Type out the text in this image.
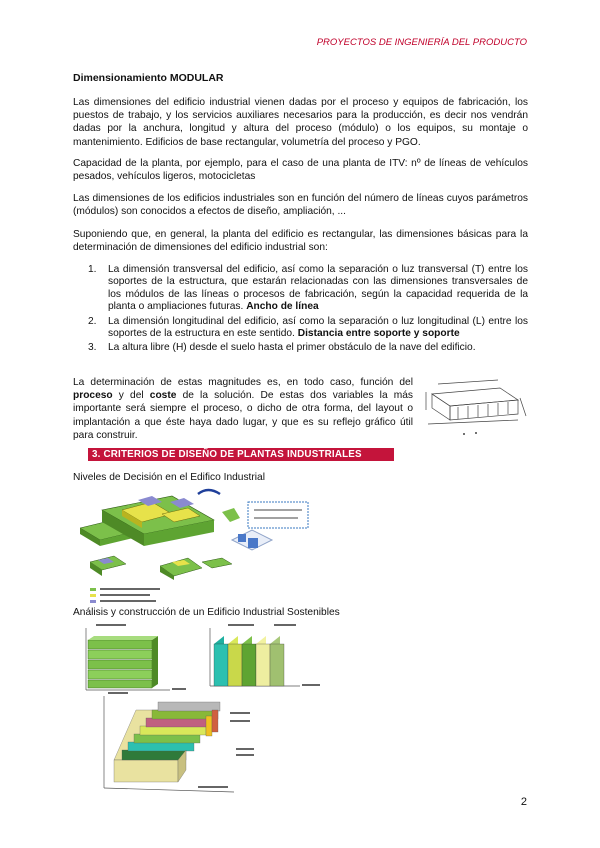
PROYECTOS DE INGENIERÍA DEL PRODUCTO
Dimensionamiento MODULAR

Las dimensiones del edificio industrial vienen dadas por el proceso y equipos de fabricación, los puestos de trabajo, y los servicios auxiliares necesarios para la producción, es decir nos vendrán dadas por la anchura, longitud y altura del proceso (módulo) o los equipos, su montaje o mantenimiento. Edificios de base rectangular, volumetría del proceso y PGO.

Capacidad de la planta, por ejemplo, para el caso de una planta de ITV: nº de líneas de vehículos pesados, vehículos ligeros, motocicletas

Las dimensiones de los edificios industriales son en función del número de líneas cuyos parámetros (módulos) son conocidos a efectos de diseño, ampliación, ...

Suponiendo que, en general, la planta del edificio es rectangular, las dimensiones básicas para la determinación de dimensiones del edificio industrial son:

1. La dimensión transversal del edificio, así como la separación o luz transversal (T) entre los soportes de la estructura, que estarán relacionadas con las dimensiones transversales de los módulos de las líneas o procesos de fabricación, según la capacidad requerida de la planta o ampliaciones futuras. Ancho de línea
2. La dimensión longitudinal del edificio, así como la separación o luz longitudinal (L) entre los soportes de la estructura en este sentido. Distancia entre soporte y soporte
3. La altura libre (H) desde el suelo hasta el primer obstáculo de la nave del edificio.

La determinación de estas magnitudes es, en todo caso, función del proceso y del coste de la solución. De estas dos variables la más importante será siempre el proceso, o dicho de otra forma, del layout o implantación a que éste haya dado lugar, y que es su reflejo gráfico útil para construir.

3. CRITERIOS DE DISEÑO DE PLANTAS INDUSTRIALES
Niveles de Decisión en el Edifico Industrial
Análisis y construcción de un Edificio Industrial Sostenibles
2
